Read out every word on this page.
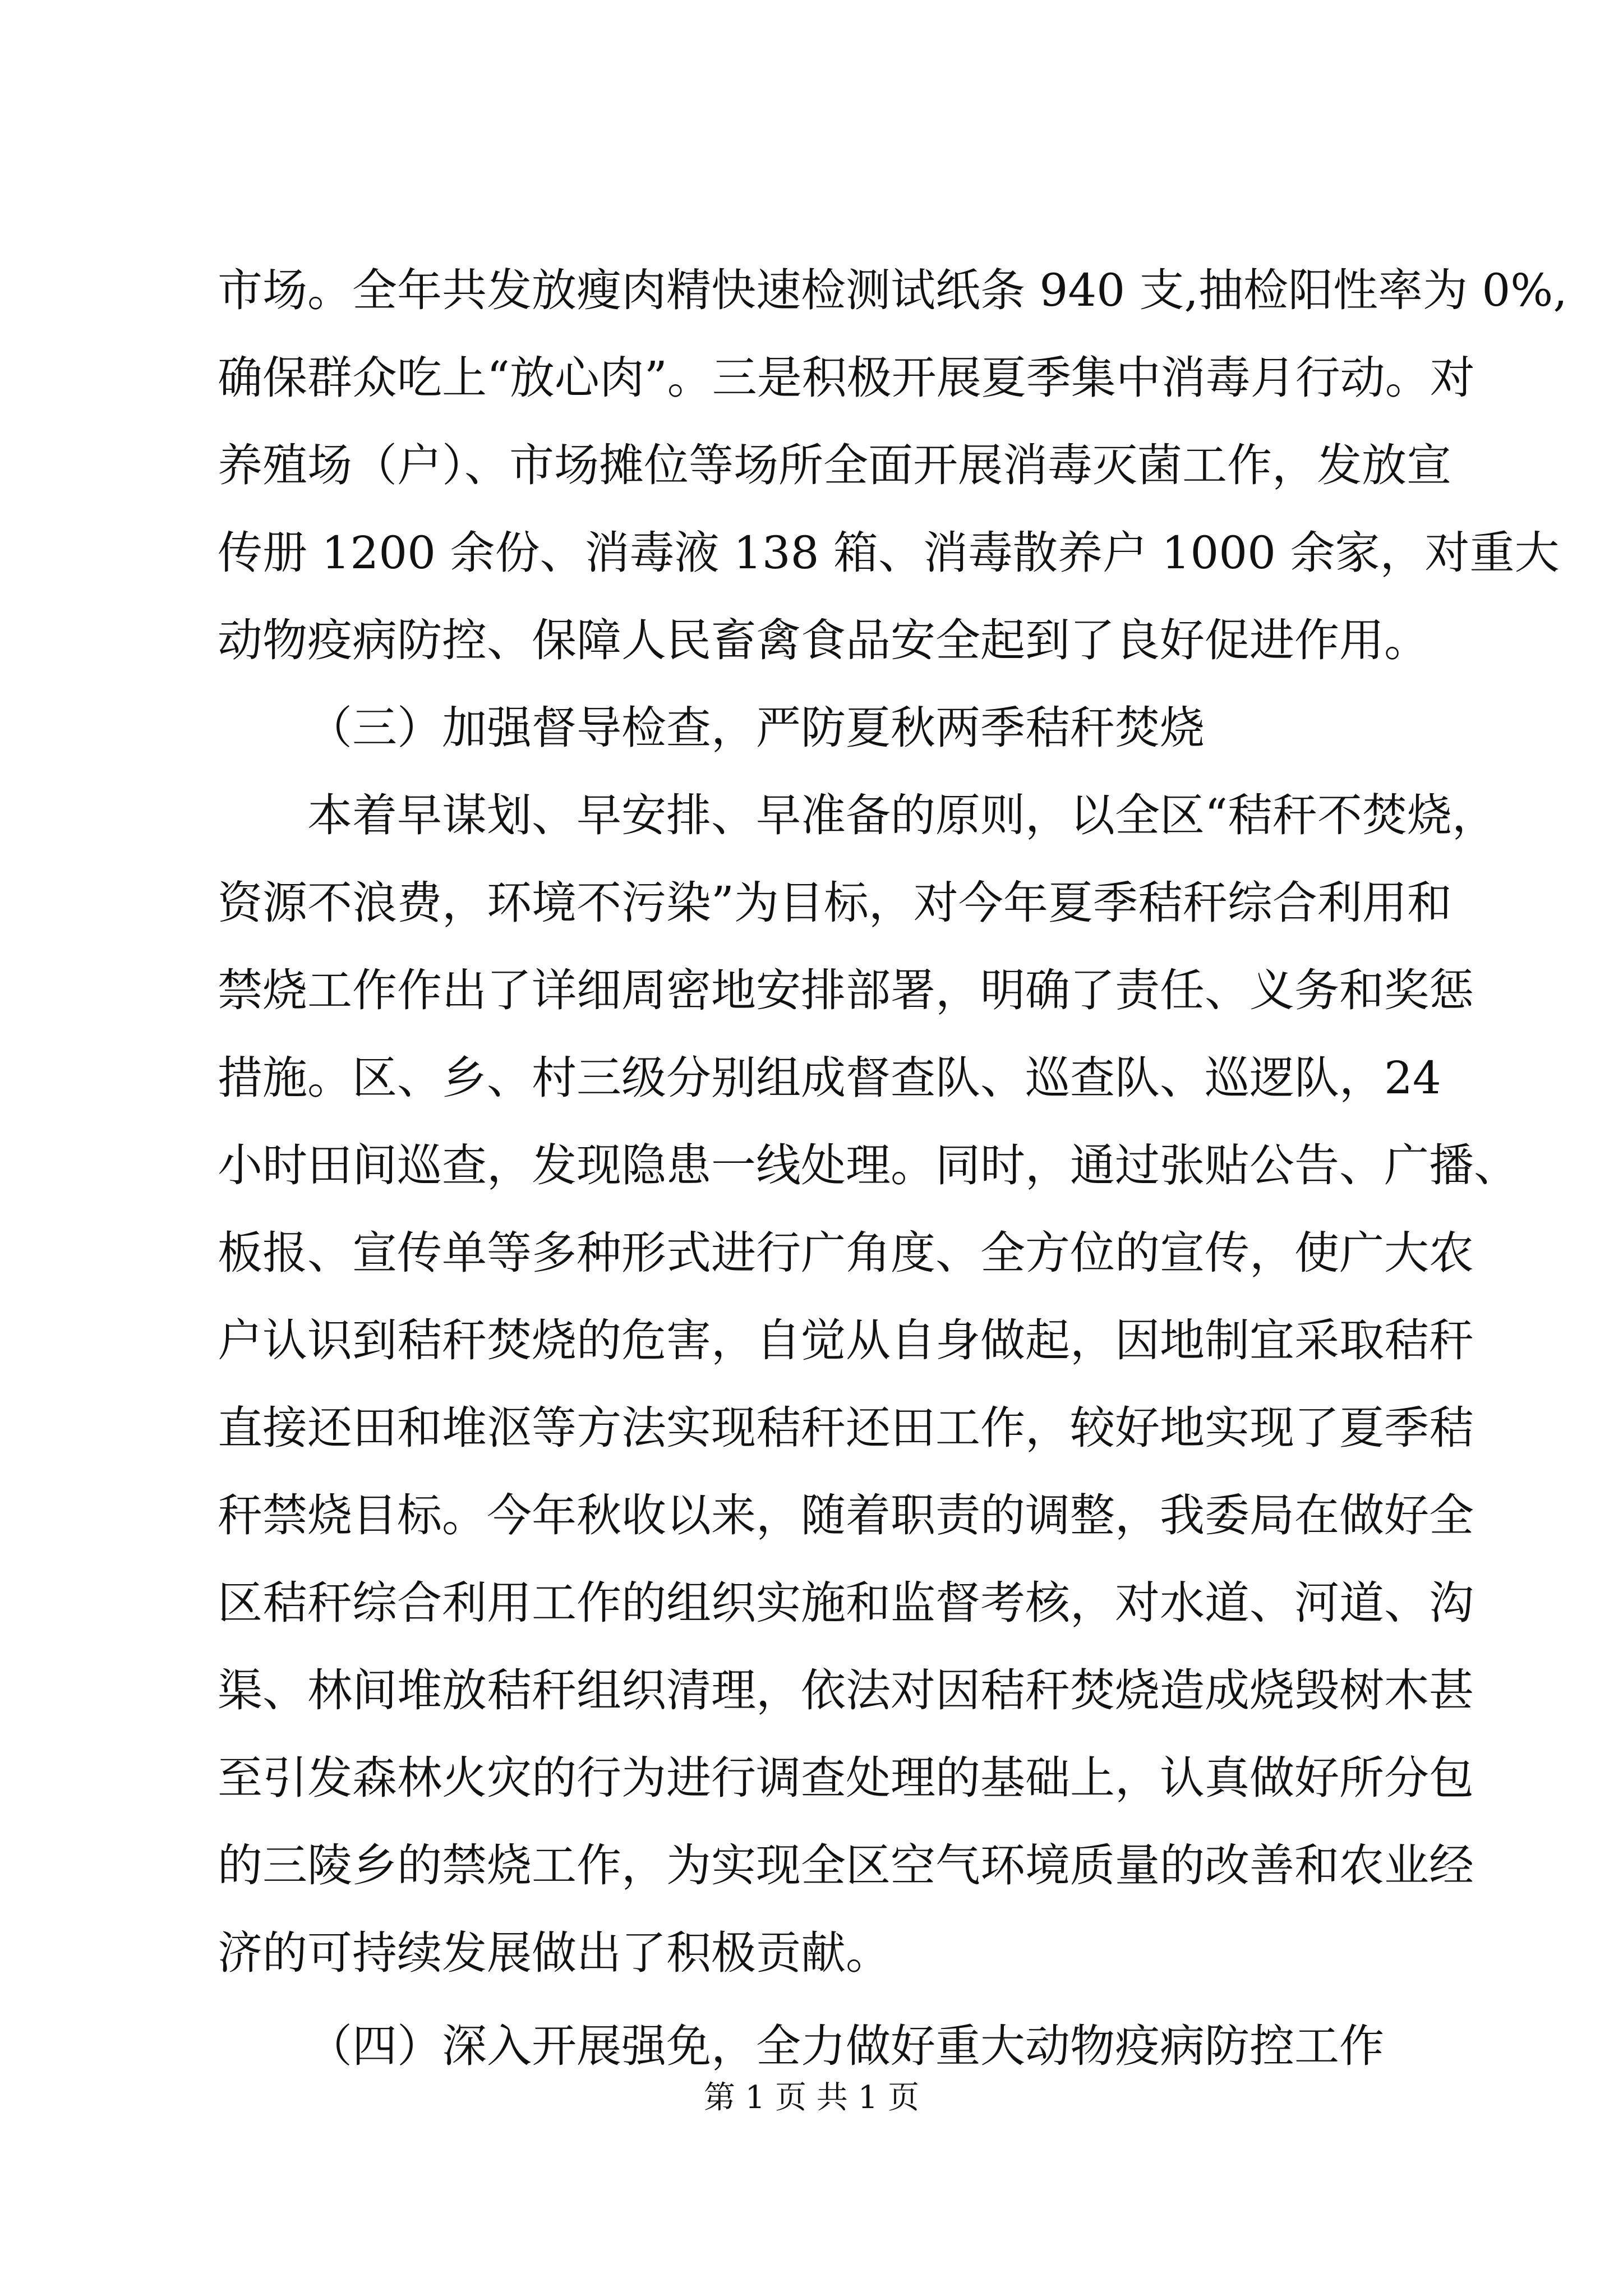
市场。全年共发放瘦肉精快速检测试纸条 940 支,抽检阳性率为 0%,
确保群众吃上“放心肉”。三是积极开展夏季集中消毒月行动。对
养殖场（户）、市场摊位等场所全面开展消毒灭菌工作，发放宣
传册 1200 余份、消毒液 138 箱、消毒散养户 1000 余家，对重大
动物疫病防控、保障人民畜禽食品安全起到了良好促进作用。
（三）加强督导检查，严防夏秋两季秸秆焚烧
本着早谋划、早安排、早准备的原则，以全区“秸秆不焚烧，
资源不浪费，环境不污染”为目标，对今年夏季秸秆综合利用和
禁烧工作作出了详细周密地安排部署，明确了责任、义务和奖惩
措施。区、乡、村三级分别组成督查队、巡查队、巡逻队，24
小时田间巡查，发现隐患一线处理。同时，通过张贴公告、广播、
板报、宣传单等多种形式进行广角度、全方位的宣传，使广大农
户认识到秸秆焚烧的危害，自觉从自身做起，因地制宜采取秸秆
直接还田和堆沤等方法实现秸秆还田工作，较好地实现了夏季秸
秆禁烧目标。今年秋收以来，随着职责的调整，我委局在做好全
区秸秆综合利用工作的组织实施和监督考核，对水道、河道、沟
渠、林间堆放秸秆组织清理，依法对因秸秆焚烧造成烧毁树木甚
至引发森林火灾的行为进行调查处理的基础上，认真做好所分包
的三陵乡的禁烧工作，为实现全区空气环境质量的改善和农业经
济的可持续发展做出了积极贡献。
（四）深入开展强免，全力做好重大动物疫病防控工作
第 1 页 共 1 页
